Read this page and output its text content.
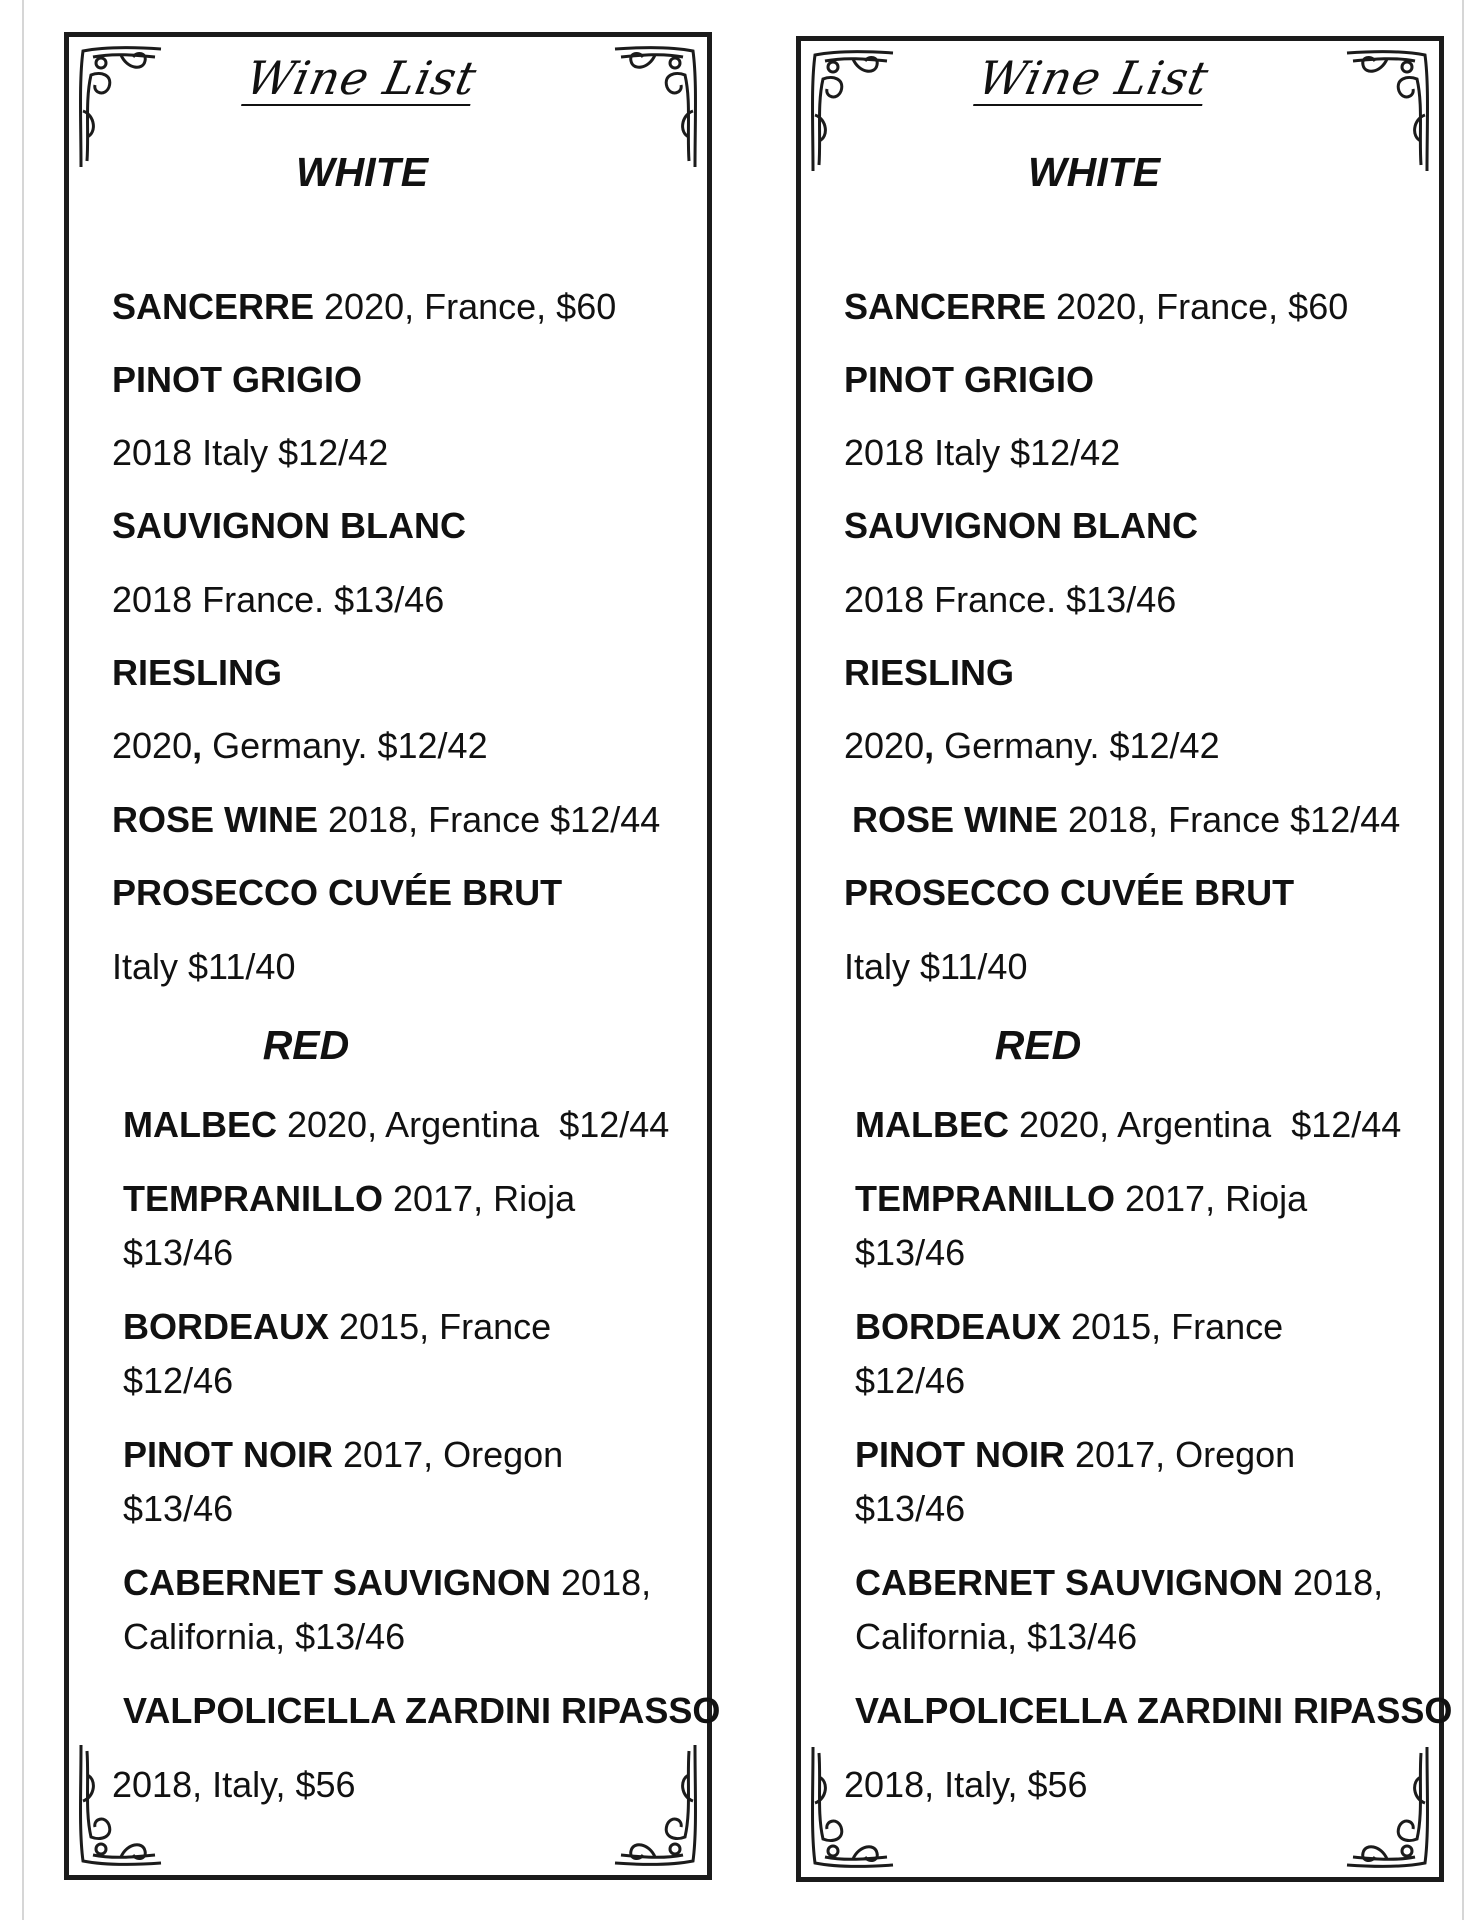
Wine List
WHITE
SANCERRE 2020, France, $60
PINOT GRIGIO
2018 Italy $12/42
SAUVIGNON BLANC
2018 France. $13/46
RIESLING
2020, Germany. $12/42
ROSE WINE 2018, France $12/44
PROSECCO CUVÉE BRUT
Italy $11/40
RED
MALBEC 2020, Argentina  $12/44
TEMPRANILLO 2017, Rioja
$13/46
BORDEAUX 2015, France
$12/46
PINOT NOIR 2017, Oregon
$13/46
CABERNET SAUVIGNON 2018,
California, $13/46
VALPOLICELLA ZARDINI RIPASSO
2018, Italy, $56
Wine List
WHITE
SANCERRE 2020, France, $60
PINOT GRIGIO
2018 Italy $12/42
SAUVIGNON BLANC
2018 France. $13/46
RIESLING
2020, Germany. $12/42
ROSE WINE 2018, France $12/44
PROSECCO CUVÉE BRUT
Italy $11/40
RED
MALBEC 2020, Argentina  $12/44
TEMPRANILLO 2017, Rioja
$13/46
BORDEAUX 2015, France
$12/46
PINOT NOIR 2017, Oregon
$13/46
CABERNET SAUVIGNON 2018,
California, $13/46
VALPOLICELLA ZARDINI RIPASSO
2018, Italy, $56
